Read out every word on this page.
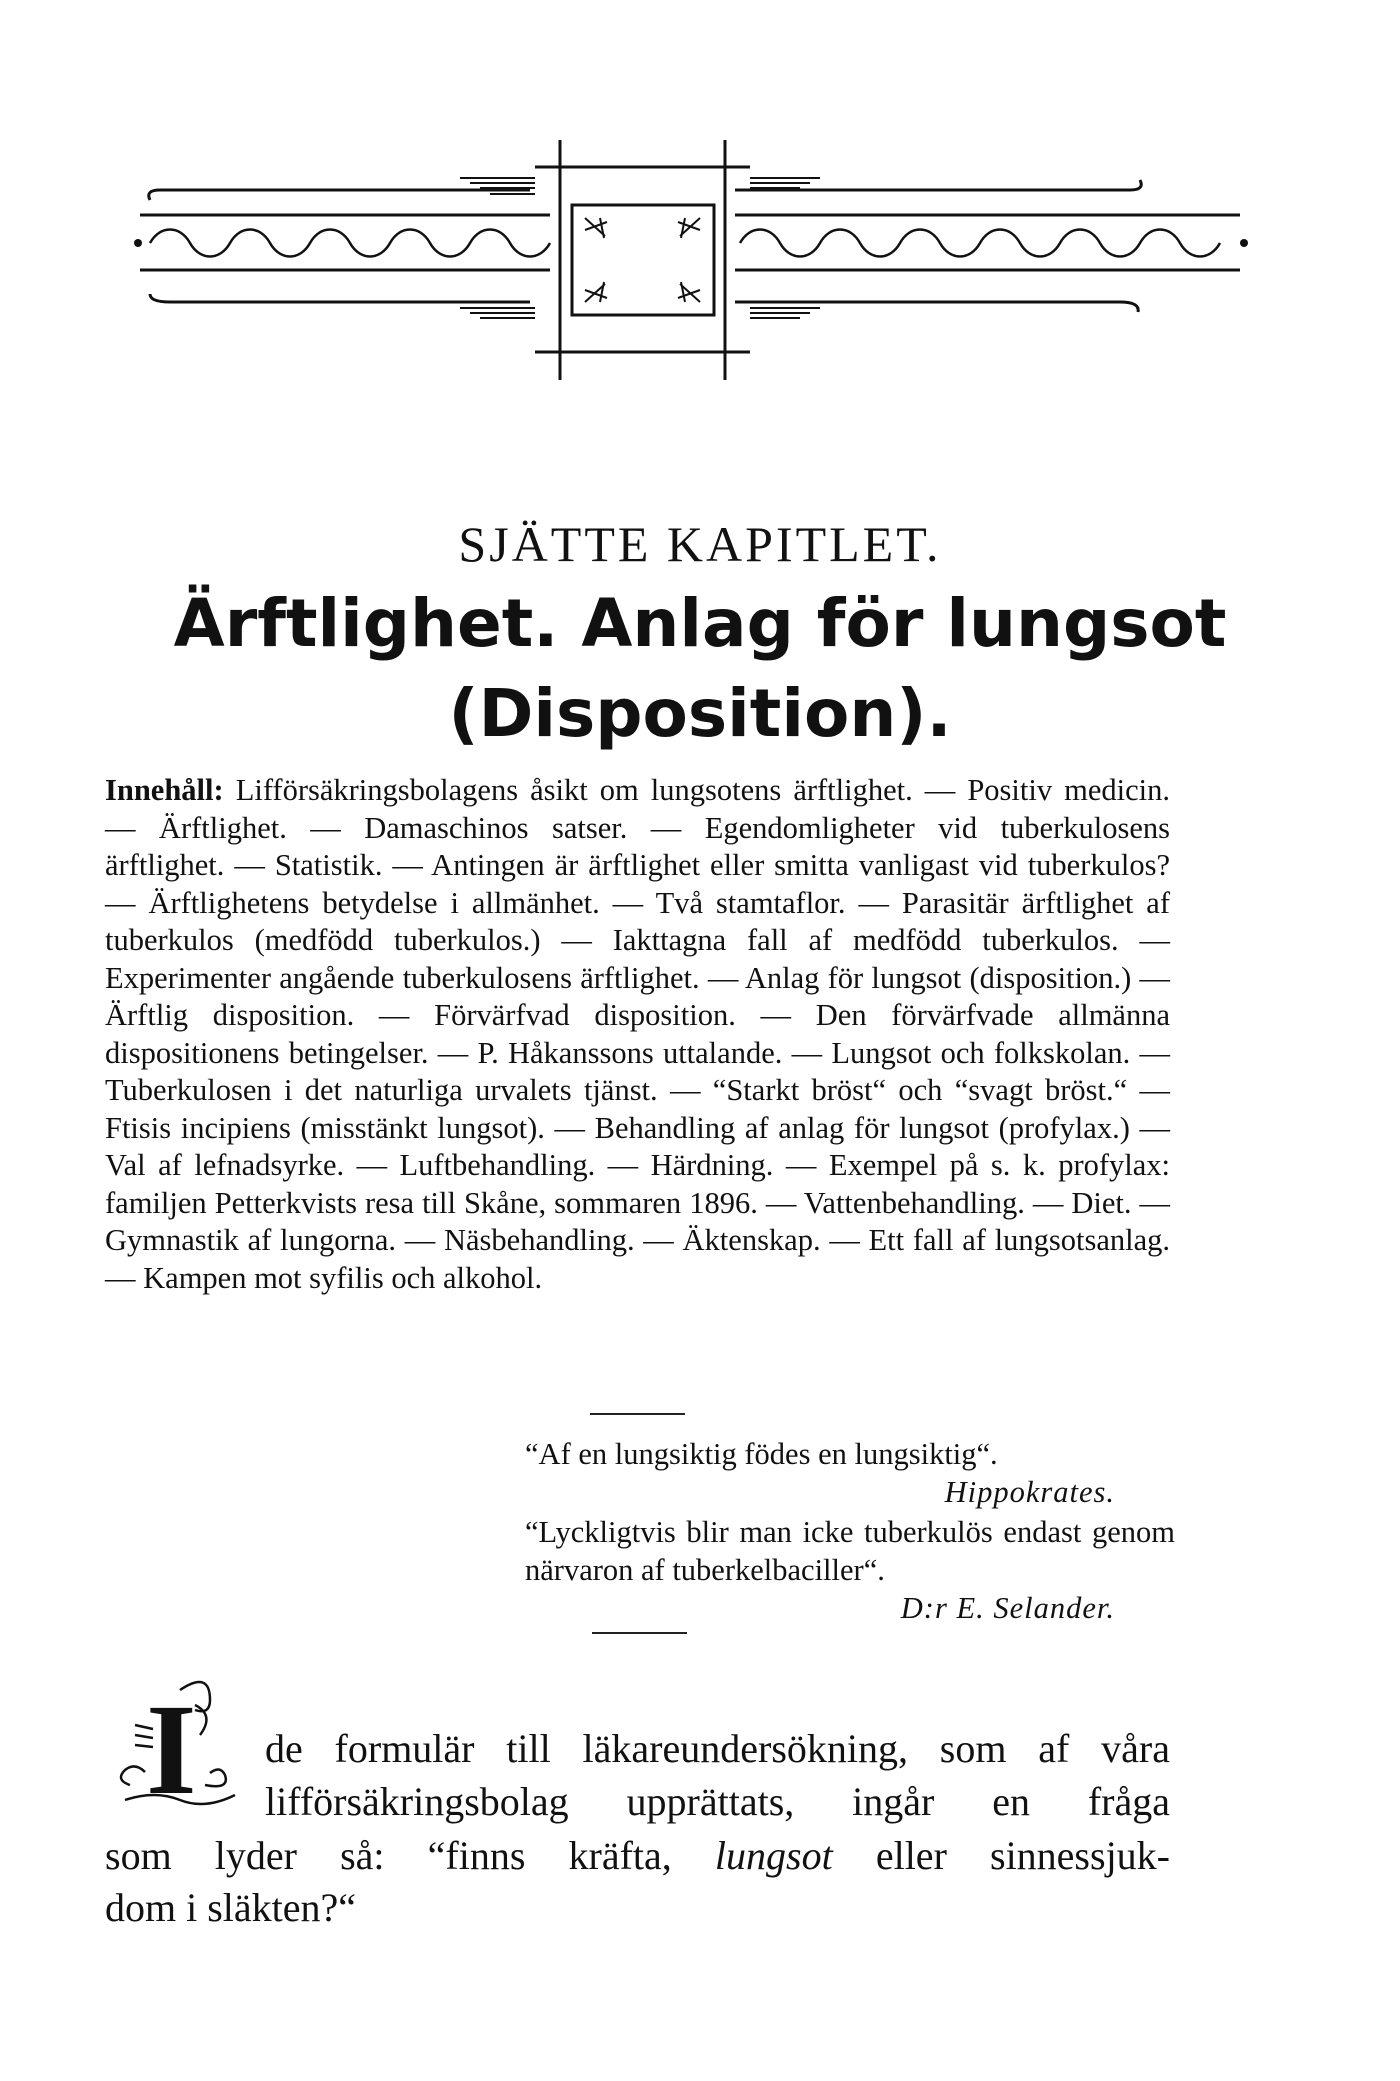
SJÄTTE KAPITLET.
Ärftlighet. Anlag för lungsot
(Disposition).
Innehåll: Lifförsäkringsbolagens åsikt om lungsotens ärftlighet. — Positiv medicin. — Ärftlighet. — Damaschinos satser. — Egendomligheter vid tuberkulosens ärftlighet. — Statistik. — Antingen är ärftlighet eller smitta vanligast vid tuberkulos? — Ärftlighetens betydelse i allmänhet. — Två stamtaflor. — Parasitär ärftlighet af tuberkulos (medfödd tuberkulos.) — Iakttagna fall af medfödd tuberkulos. — Experimenter angående tuberkulosens ärftlighet. — Anlag för lungsot (disposition.) — Ärftlig disposition. — Förvärfvad disposition. — Den förvärfvade allmänna dispositionens betingelser. — P. Håkanssons uttalande. — Lungsot och folkskolan. — Tuberkulosen i det naturliga urvalets tjänst. — “Starkt bröst“ och “svagt bröst.“ — Ftisis incipiens (misstänkt lungsot). — Behandling af anlag för lungsot (profylax.) — Val af lefnadsyrke. — Luftbehandling. — Härdning. — Exempel på s. k. profylax: familjen Petterkvists resa till Skåne, sommaren 1896. — Vattenbehandling. — Diet. — Gymnastik af lungorna. — Näsbehandling. — Äktenskap. — Ett fall af lungsotsanlag. — Kampen mot syfilis och alkohol.

“Af en lungsiktig födes en lungsiktig“.

Hippokrates.

“Lyckligtvis blir man icke tuberkulös endast genom närvaron af tuberkelbaciller“.

D:r E. Selander.

I de formulär till läkareundersökning, som af våra
lifförsäkringsbolag upprättats, ingår en fråga
som lyder så: “finns kräfta, lungsot eller sinnessjuk-
dom i släkten?“
